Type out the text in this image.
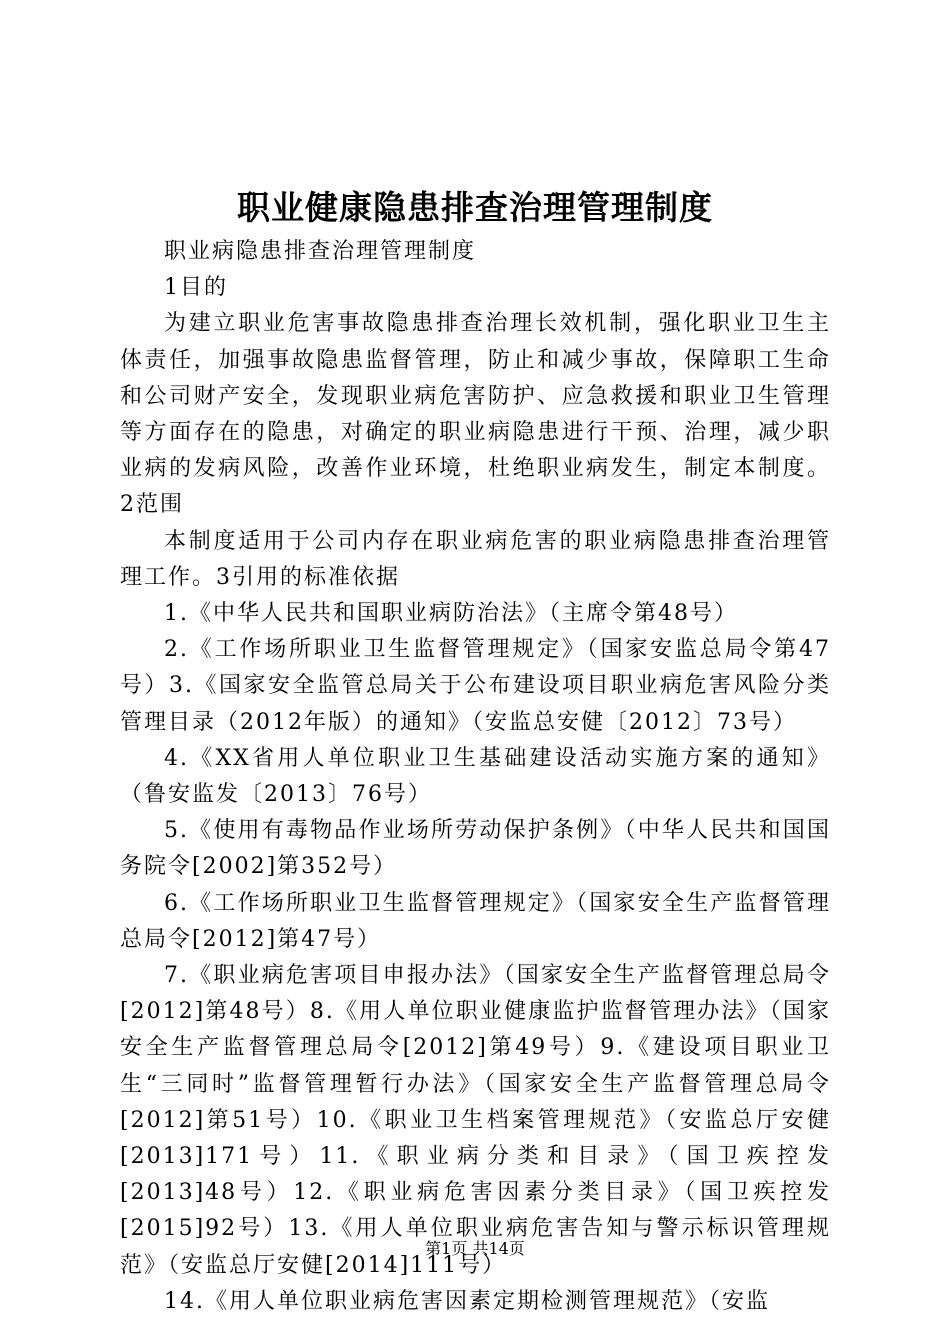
职业健康隐患排查治理管理制度

职业病隐患排查治理管理制度

1目的

为建立职业危害事故隐患排查治理长效机制，强化职业卫生主体责任，加强事故隐患监督管理，防止和减少事故，保障职工生命和公司财产安全，发现职业病危害防护、应急救援和职业卫生管理等方面存在的隐患，对确定的职业病隐患进行干预、治理，减少职业病的发病风险，改善作业环境，杜绝职业病发生，制定本制度。2范围

本制度适用于公司内存在职业病危害的职业病隐患排查治理管理工作。3引用的标准依据

1.《中华人民共和国职业病防治法》（主席令第48号）

2.《工作场所职业卫生监督管理规定》（国家安监总局令第47号）3.《国家安全监管总局关于公布建设项目职业病危害风险分类管理目录（2012年版）的通知》（安监总安健〔2012〕73号）

4.《XX省用人单位职业卫生基础建设活动实施方案的通知》（鲁安监发〔2013〕76号）

5.《使用有毒物品作业场所劳动保护条例》（中华人民共和国国务院令[2002]第352号）

6.《工作场所职业卫生监督管理规定》（国家安全生产监督管理总局令[2012]第47号）

7.《职业病危害项目申报办法》（国家安全生产监督管理总局令[2012]第48号）8.《用人单位职业健康监护监督管理办法》（国家安全生产监督管理总局令[2012]第49号）9.《建设项目职业卫生“三同时”监督管理暂行办法》（国家安全生产监督管理总局令[2012]第51号）10.《职业卫生档案管理规范》（安监总厅安健[2013]171号）11.《职业病分类和目录》（国卫疾控发[2013]48号）12.《职业病危害因素分类目录》（国卫疾控发[2015]92号）13.《用人单位职业病危害告知与警示标识管理规范》（安监总厅安健[2014]111号）

14.《用人单位职业病危害因素定期检测管理规范》（安监

第1页 共14页
